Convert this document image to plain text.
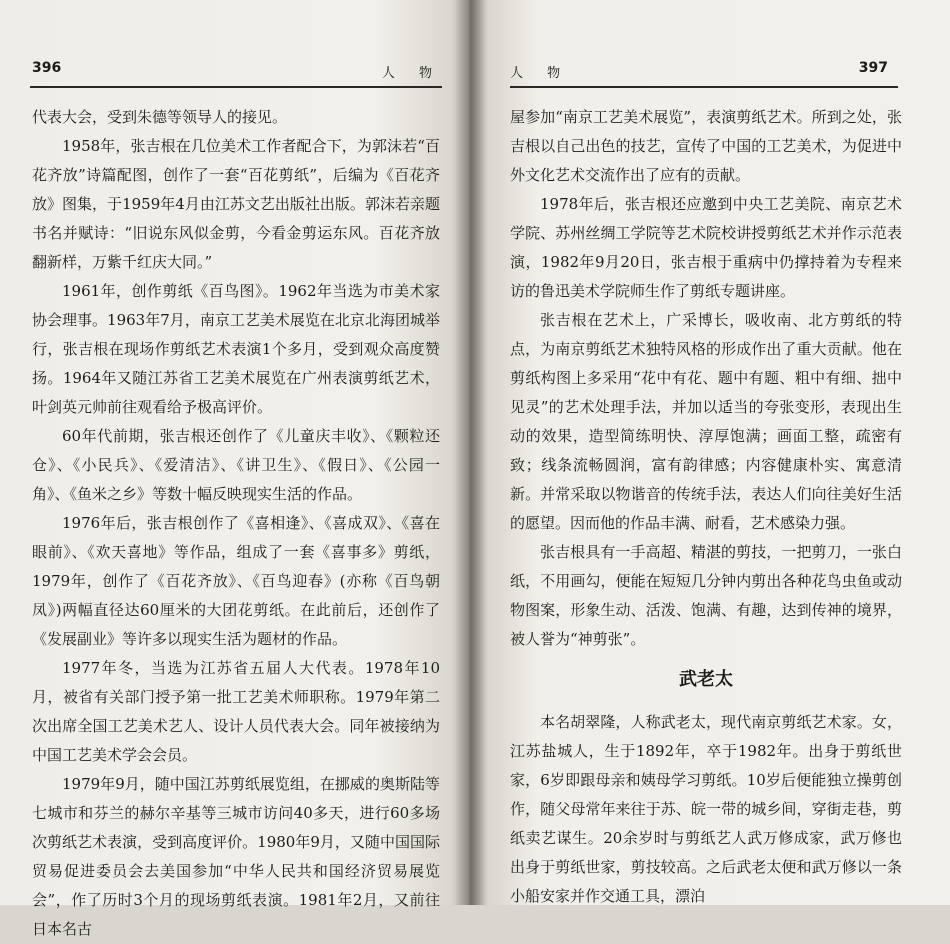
396	人 物

代表大会，受到朱德等领导人的接见。

1958年，张吉根在几位美术工作者配合下，为郭沫若“百花齐放”诗篇配图，创作了一套“百花剪纸”，后编为《百花齐放》图集，于1959年4月由江苏文艺出版社出版。郭沫若亲题书名并赋诗：“旧说东风似金剪，今看金剪运东风。百花齐放翻新样，万紫千红庆大同。”

1961年，创作剪纸《百鸟图》。1962年当选为市美术家协会理事。1963年7月，南京工艺美术展览在北京北海团城举行，张吉根在现场作剪纸艺术表演1个多月，受到观众高度赞扬。1964年又随江苏省工艺美术展览在广州表演剪纸艺术，叶剑英元帅前往观看给予极高评价。

60年代前期，张吉根还创作了《儿童庆丰收》、《颗粒还仓》、《小民兵》、《爱清洁》、《讲卫生》、《假日》、《公园一角》、《鱼米之乡》等数十幅反映现实生活的作品。

1976年后，张吉根创作了《喜相逢》、《喜成双》、《喜在眼前》、《欢天喜地》等作品，组成了一套《喜事多》剪纸，1979年，创作了《百花齐放》、《百鸟迎春》(亦称《百鸟朝凤》)两幅直径达60厘米的大团花剪纸。在此前后，还创作了《发展副业》等许多以现实生活为题材的作品。

1977年冬，当选为江苏省五届人大代表。1978年10月，被省有关部门授予第一批工艺美术师职称。1979年第二次出席全国工艺美术艺人、设计人员代表大会。同年被接纳为中国工艺美术学会会员。

1979年9月，随中国江苏剪纸展览组，在挪威的奥斯陆等七城市和芬兰的赫尔辛基等三城市访问40多天，进行60多场次剪纸艺术表演，受到高度评价。1980年9月，又随中国国际贸易促进委员会去美国参加“中华人民共和国经济贸易展览会”，作了历时3个月的现场剪纸表演。1981年2月，又前往日本名古

人 物	397

屋参加“南京工艺美术展览”，表演剪纸艺术。所到之处，张吉根以自己出色的技艺，宣传了中国的工艺美术，为促进中外文化艺术交流作出了应有的贡献。

1978年后，张吉根还应邀到中央工艺美院、南京艺术学院、苏州丝绸工学院等艺术院校讲授剪纸艺术并作示范表演，1982年9月20日，张吉根于重病中仍撑持着为专程来访的鲁迅美术学院师生作了剪纸专题讲座。

张吉根在艺术上，广采博长，吸收南、北方剪纸的特点，为南京剪纸艺术独特风格的形成作出了重大贡献。他在剪纸构图上多采用“花中有花、题中有题、粗中有细、拙中见灵”的艺术处理手法，并加以适当的夸张变形，表现出生动的效果，造型简练明快、淳厚饱满；画面工整，疏密有致；线条流畅圆润，富有韵律感；内容健康朴实、寓意清新。并常采取以物谐音的传统手法，表达人们向往美好生活的愿望。因而他的作品丰满、耐看，艺术感染力强。

张吉根具有一手高超、精湛的剪技，一把剪刀，一张白纸，不用画勾，便能在短短几分钟内剪出各种花鸟虫鱼或动物图案，形象生动、活泼、饱满、有趣，达到传神的境界，被人誉为“神剪张”。

武老太

本名胡翠隆，人称武老太，现代南京剪纸艺术家。女，江苏盐城人，生于1892年，卒于1982年。出身于剪纸世家，6岁即跟母亲和姨母学习剪纸。10岁后便能独立操剪创作，随父母常年来往于苏、皖一带的城乡间，穿街走巷，剪纸卖艺谋生。20余岁时与剪纸艺人武万修成家，武万修也出身于剪纸世家，剪技较高。之后武老太便和武万修以一条小船安家并作交通工具，漂泊
